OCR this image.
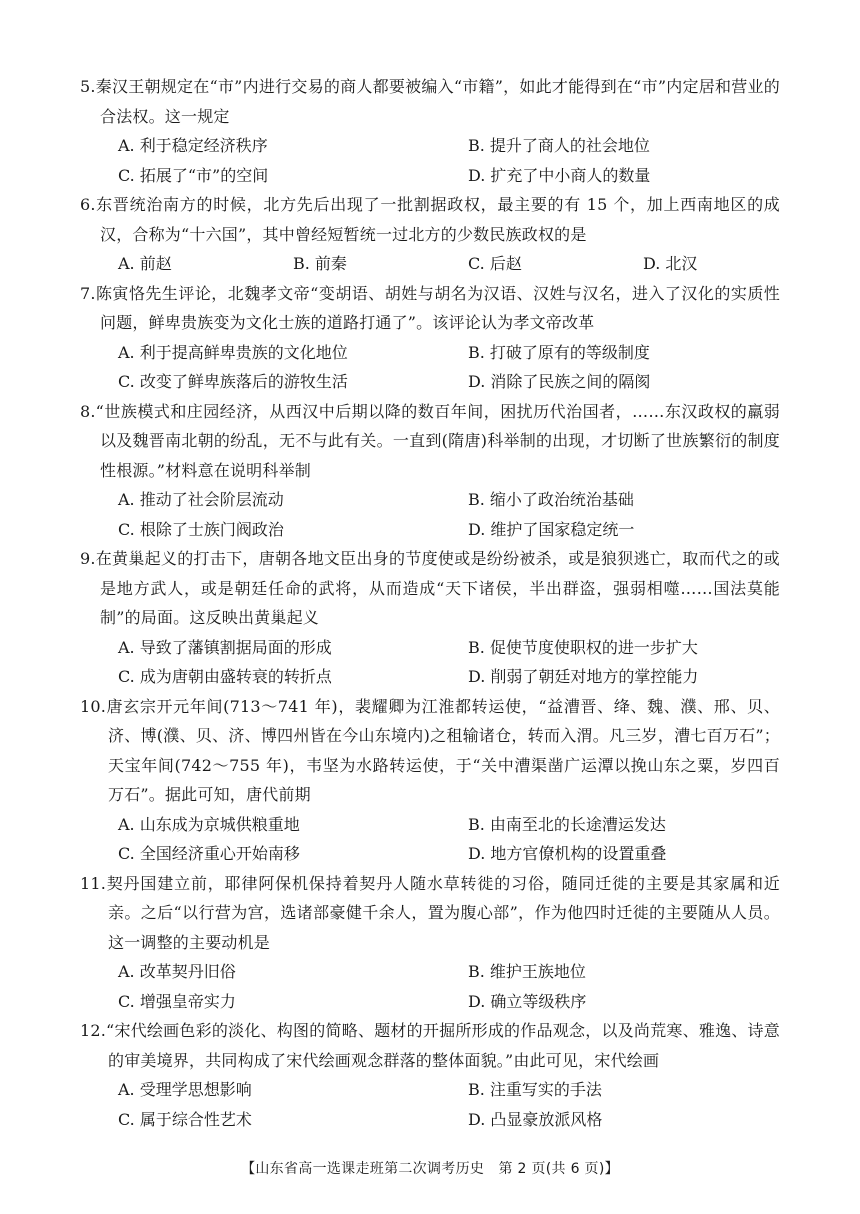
5.秦汉王朝规定在“市”内进行交易的商人都要被编入“市籍”，如此才能得到在“市”内定居和营业的合法权。这一规定
A. 利于稳定经济秩序	B. 提升了商人的社会地位
C. 拓展了“市”的空间	D. 扩充了中小商人的数量
6.东晋统治南方的时候，北方先后出现了一批割据政权，最主要的有 15 个，加上西南地区的成汉，合称为“十六国”，其中曾经短暂统一过北方的少数民族政权的是
A. 前赵	B. 前秦	C. 后赵	D. 北汉
7.陈寅恪先生评论，北魏孝文帝“变胡语、胡姓与胡名为汉语、汉姓与汉名，进入了汉化的实质性问题，鲜卑贵族变为文化士族的道路打通了”。该评论认为孝文帝改革
A. 利于提高鲜卑贵族的文化地位	B. 打破了原有的等级制度
C. 改变了鲜卑族落后的游牧生活	D. 消除了民族之间的隔阂
8.“世族模式和庄园经济，从西汉中后期以降的数百年间，困扰历代治国者，……东汉政权的羸弱以及魏晋南北朝的纷乱，无不与此有关。一直到(隋唐)科举制的出现，才切断了世族繁衍的制度性根源。”材料意在说明科举制
A. 推动了社会阶层流动	B. 缩小了政治统治基础
C. 根除了士族门阀政治	D. 维护了国家稳定统一
9.在黄巢起义的打击下，唐朝各地文臣出身的节度使或是纷纷被杀，或是狼狈逃亡，取而代之的或是地方武人，或是朝廷任命的武将，从而造成“天下诸侯，半出群盗，强弱相噬……国法莫能制”的局面。这反映出黄巢起义
A. 导致了藩镇割据局面的形成	B. 促使节度使职权的进一步扩大
C. 成为唐朝由盛转衰的转折点	D. 削弱了朝廷对地方的掌控能力
10.唐玄宗开元年间(713～741 年)，裴耀卿为江淮都转运使，“益漕晋、绛、魏、濮、邢、贝、济、博(濮、贝、济、博四州皆在今山东境内)之租输诸仓，转而入渭。凡三岁，漕七百万石”；天宝年间(742～755 年)，韦坚为水路转运使，于“关中漕渠凿广运潭以挽山东之粟，岁四百万石”。据此可知，唐代前期
A. 山东成为京城供粮重地	B. 由南至北的长途漕运发达
C. 全国经济重心开始南移	D. 地方官僚机构的设置重叠
11.契丹国建立前，耶律阿保机保持着契丹人随水草转徙的习俗，随同迁徙的主要是其家属和近亲。之后“以行营为宫，选诸部豪健千余人，置为腹心部”，作为他四时迁徙的主要随从人员。这一调整的主要动机是
A. 改革契丹旧俗	B. 维护王族地位
C. 增强皇帝实力	D. 确立等级秩序
12.“宋代绘画色彩的淡化、构图的简略、题材的开掘所形成的作品观念，以及尚荒寒、雅逸、诗意的审美境界，共同构成了宋代绘画观念群落的整体面貌。”由此可见，宋代绘画
A. 受理学思想影响	B. 注重写实的手法
C. 属于综合性艺术	D. 凸显豪放派风格
【山东省高一选课走班第二次调考历史　第 2 页(共 6 页)】
